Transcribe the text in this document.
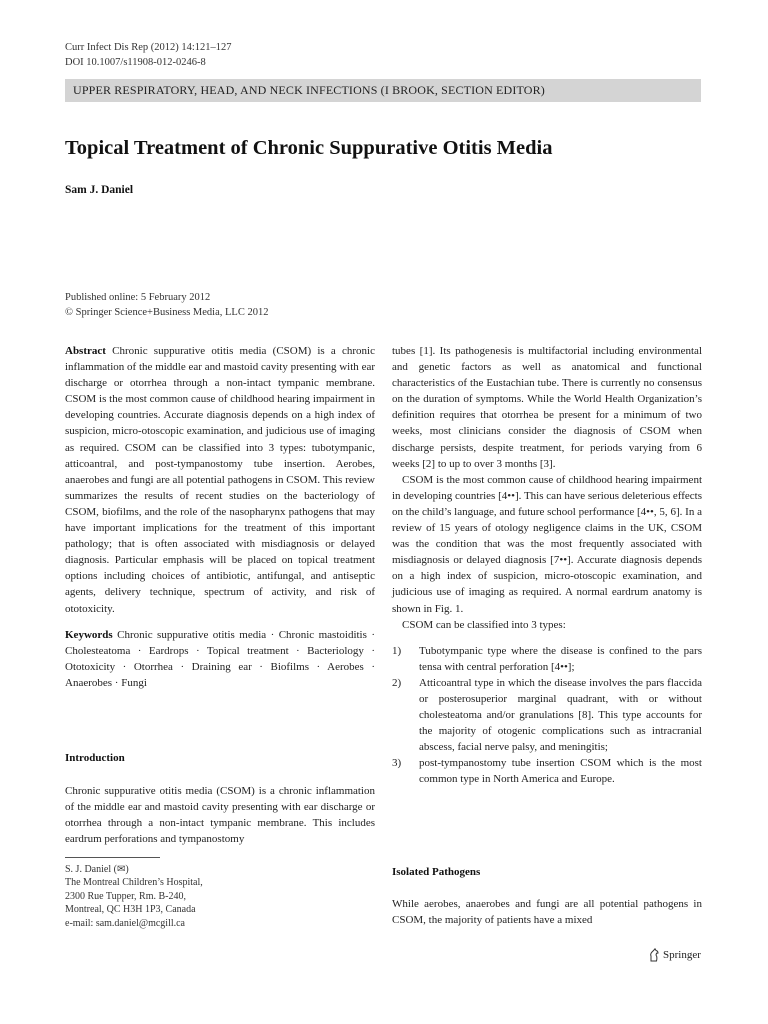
Curr Infect Dis Rep (2012) 14:121–127
DOI 10.1007/s11908-012-0246-8
UPPER RESPIRATORY, HEAD, AND NECK INFECTIONS (I BROOK, SECTION EDITOR)
Topical Treatment of Chronic Suppurative Otitis Media
Sam J. Daniel
Published online: 5 February 2012
© Springer Science+Business Media, LLC 2012

Abstract Chronic suppurative otitis media (CSOM) is a chronic inflammation of the middle ear and mastoid cavity presenting with ear discharge or otorrhea through a non-intact tympanic membrane. CSOM is the most common cause of childhood hearing impairment in developing countries. Accurate diagnosis depends on a high index of suspicion, micro-otoscopic examination, and judicious use of imaging as required. CSOM can be classified into 3 types: tubotympanic, atticoantral, and post-tympanostomy tube insertion. Aerobes, anaerobes and fungi are all potential pathogens in CSOM. This review summarizes the results of recent studies on the bacteriology of CSOM, biofilms, and the role of the nasopharynx pathogens that may have important implications for the treatment of this important pathology; that is often associated with misdiagnosis or delayed diagnosis. Particular emphasis will be placed on topical treatment options including choices of antibiotic, antifungal, and antiseptic agents, delivery technique, spectrum of activity, and risk of ototoxicity.

Keywords Chronic suppurative otitis media · Chronic mastoiditis · Cholesteatoma · Eardrops · Topical treatment · Bacteriology · Ototoxicity · Otorrhea · Draining ear · Biofilms · Aerobes · Anaerobes · Fungi

Introduction

Chronic suppurative otitis media (CSOM) is a chronic inflammation of the middle ear and mastoid cavity presenting with ear discharge or otorrhea through a non-intact tympanic membrane. This includes eardrum perforations and tympanostomy

S. J. Daniel (✉)
The Montreal Children’s Hospital,
2300 Rue Tupper, Rm. B-240,
Montreal, QC H3H 1P3, Canada
e-mail: sam.daniel@mcgill.ca

tubes [1]. Its pathogenesis is multifactorial including environmental and genetic factors as well as anatomical and functional characteristics of the Eustachian tube. There is currently no consensus on the duration of symptoms. While the World Health Organization’s definition requires that otorrhea be present for a minimum of two weeks, most clinicians consider the diagnosis of CSOM when discharge persists, despite treatment, for periods varying from 6 weeks [2] to up to over 3 months [3].

CSOM is the most common cause of childhood hearing impairment in developing countries [4••]. This can have serious deleterious effects on the child’s language, and future school performance [4••, 5, 6]. In a review of 15 years of otology negligence claims in the UK, CSOM was the condition that was the most frequently associated with misdiagnosis or delayed diagnosis [7••]. Accurate diagnosis depends on a high index of suspicion, micro-otoscopic examination, and judicious use of imaging as required. A normal eardrum anatomy is shown in Fig. 1.

CSOM can be classified into 3 types:

1) Tubotympanic type where the disease is confined to the pars tensa with central perforation [4••];

2) Atticoantral type in which the disease involves the pars flaccida or posterosuperior marginal quadrant, with or without cholesteatoma and/or granulations [8]. This type accounts for the majority of otogenic complications such as intracranial abscess, facial nerve palsy, and meningitis;

3) post-tympanostomy tube insertion CSOM which is the most common type in North America and Europe.

Isolated Pathogens

While aerobes, anaerobes and fungi are all potential pathogens in CSOM, the majority of patients have a mixed

Springer
